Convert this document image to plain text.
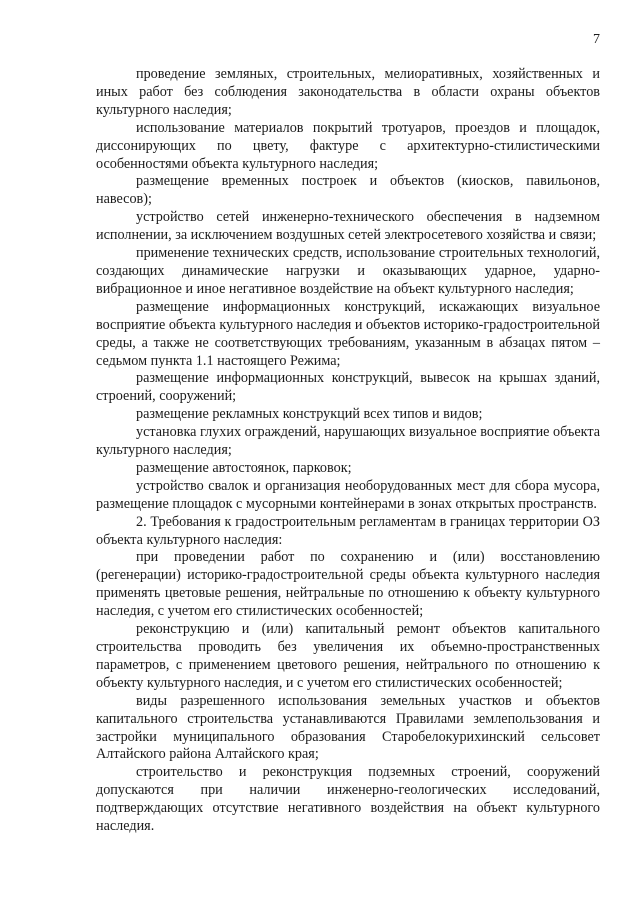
7

проведение земляных, строительных, мелиоративных, хозяйственных и иных работ без соблюдения законодательства в области охраны объектов культурного наследия;

использование материалов покрытий тротуаров, проездов и площадок, диссонирующих по цвету, фактуре с архитектурно-стилистическими особенностями объекта культурного наследия;

размещение временных построек и объектов (киосков, павильонов, навесов);

устройство сетей инженерно-технического обеспечения в надземном исполнении, за исключением воздушных сетей электросетевого хозяйства и связи;

применение технических средств, использование строительных технологий, создающих динамические нагрузки и оказывающих ударное, ударно-вибрационное и иное негативное воздействие на объект культурного наследия;

размещение информационных конструкций, искажающих визуальное восприятие объекта культурного наследия и объектов историко-градостроительной среды, а также не соответствующих требованиям, указанным в абзацах пятом – седьмом пункта 1.1 настоящего Режима;

размещение информационных конструкций, вывесок на крышах зданий, строений, сооружений;

размещение рекламных конструкций всех типов и видов;

установка глухих ограждений, нарушающих визуальное восприятие объекта культурного наследия;

размещение автостоянок, парковок;

устройство свалок и организация необорудованных мест для сбора мусора, размещение площадок с мусорными контейнерами в зонах открытых пространств.

2. Требования к градостроительным регламентам в границах территории ОЗ объекта культурного наследия:

при проведении работ по сохранению и (или) восстановлению (регенерации) историко-градостроительной среды объекта культурного наследия применять цветовые решения, нейтральные по отношению к объекту культурного наследия, с учетом его стилистических особенностей;

реконструкцию и (или) капитальный ремонт объектов капитального строительства проводить без увеличения их объемно-пространственных параметров, с применением цветового решения, нейтрального по отношению к объекту культурного наследия, и с учетом его стилистических особенностей;

виды разрешенного использования земельных участков и объектов капитального строительства устанавливаются Правилами землепользования и застройки муниципального образования Старобелокурихинский сельсовет Алтайского района Алтайского края;

строительство и реконструкция подземных строений, сооружений допускаются при наличии инженерно-геологических исследований, подтверждающих отсутствие негативного воздействия на объект культурного наследия.
